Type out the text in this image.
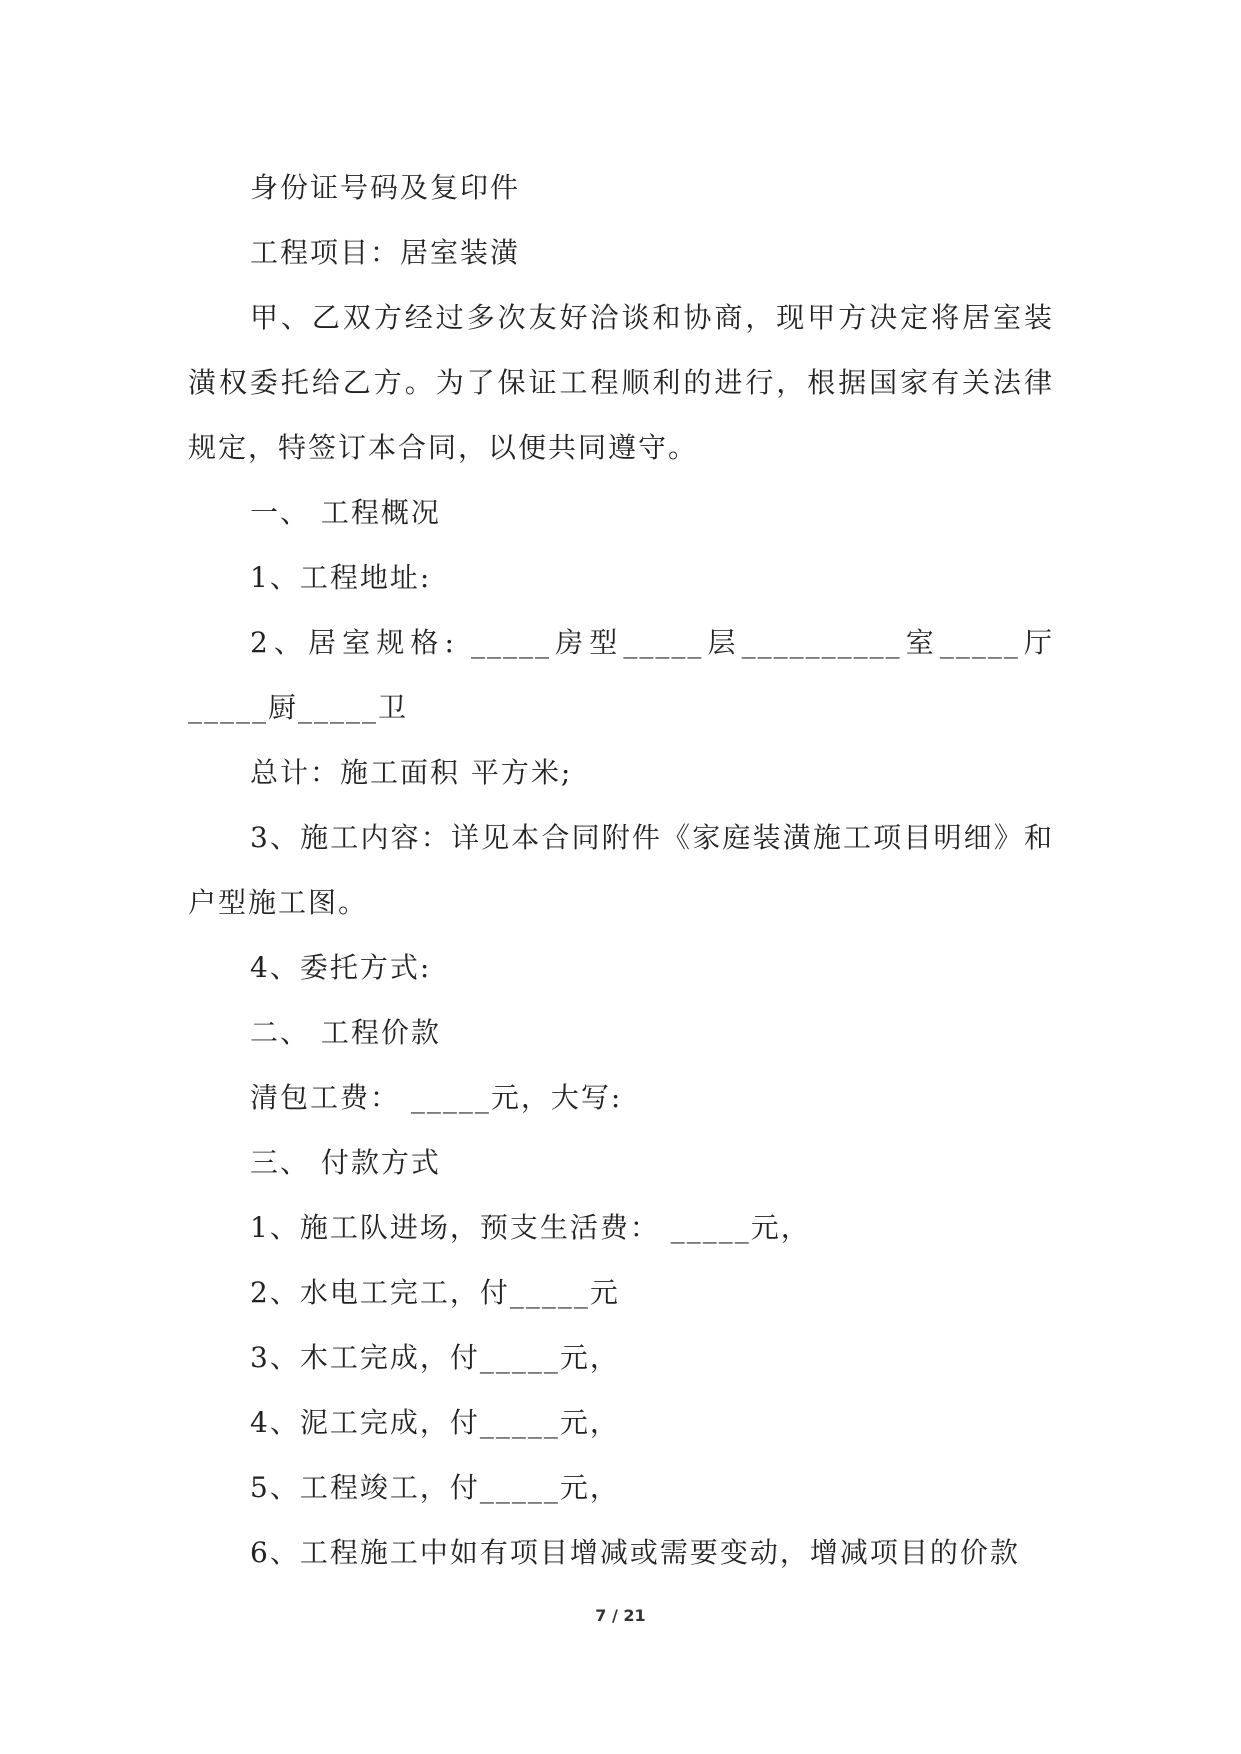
身份证号码及复印件

工程项目：居室装潢

甲、乙双方经过多次友好洽谈和协商，现甲方决定将居室装潢权委托给乙方。为了保证工程顺利的进行，根据国家有关法律规定，特签订本合同，以便共同遵守。

一、 工程概况

1、工程地址:

2、居室规格: _____房型_____层__________室_____厅_____厨_____卫

总计：施工面积 平方米;

3、施工内容：详见本合同附件《家庭装潢施工项目明细》和户型施工图。

4、委托方式:

二、 工程价款

清包工费： _____元，大写:

三、 付款方式

1、施工队进场，预支生活费： _____元，

2、水电工完工，付_____元

3、木工完成，付_____元，

4、泥工完成，付_____元，

5、工程竣工，付_____元，

6、工程施工中如有项目增减或需要变动，增减项目的价款

7 / 21
